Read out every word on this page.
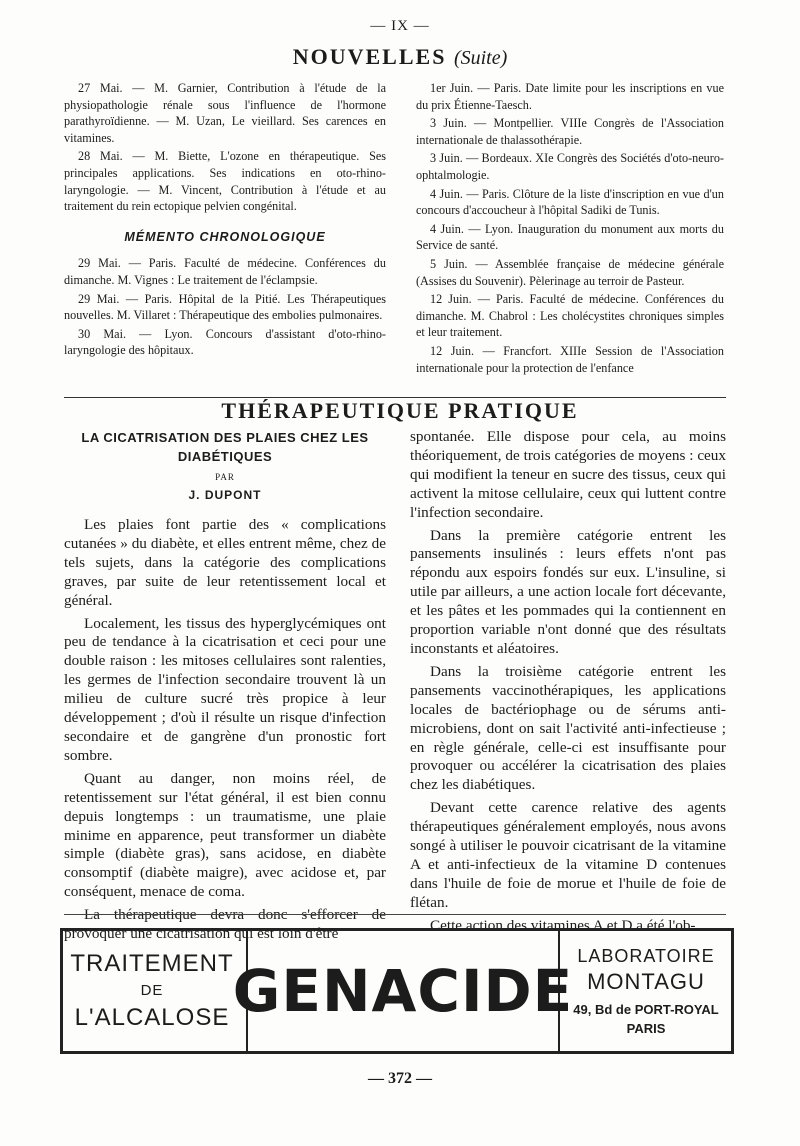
— IX —
NOUVELLES (Suite)

27 Mai. — M. Garnier, Contribution à l'étude de la physiopathologie rénale sous l'influence de l'hormone parathyroïdienne. — M. Uzan, Le vieillard. Ses carences en vitamines.

28 Mai. — M. Biette, L'ozone en thérapeutique. Ses principales applications. Ses indications en oto-rhino-laryngologie. — M. Vincent, Contribution à l'étude et au traitement du rein ectopique pelvien congénital.

MÉMENTO CHRONOLOGIQUE

29 Mai. — Paris. Faculté de médecine. Conférences du dimanche. M. Vignes : Le traitement de l'éclampsie.

29 Mai. — Paris. Hôpital de la Pitié. Les Thérapeutiques nouvelles. M. Villaret : Thérapeutique des embolies pulmonaires.

30 Mai. — Lyon. Concours d'assistant d'oto-rhino-laryngologie des hôpitaux.

1er Juin. — Paris. Date limite pour les inscriptions en vue du prix Étienne-Taesch.

3 Juin. — Montpellier. VIIIe Congrès de l'Association internationale de thalassothérapie.

3 Juin. — Bordeaux. XIe Congrès des Sociétés d'oto-neuro-ophtalmologie.

4 Juin. — Paris. Clôture de la liste d'inscription en vue d'un concours d'accoucheur à l'hôpital Sadiki de Tunis.

4 Juin. — Lyon. Inauguration du monument aux morts du Service de santé.

5 Juin. — Assemblée française de médecine générale (Assises du Souvenir). Pèlerinage au terroir de Pasteur.

12 Juin. — Paris. Faculté de médecine. Conférences du dimanche. M. Chabrol : Les cholécystites chroniques simples et leur traitement.

12 Juin. — Francfort. XIIIe Session de l'Association internationale pour la protection de l'enfance

THÉRAPEUTIQUE PRATIQUE
LA CICATRISATION DES PLAIES CHEZ LES DIABÉTIQUES
PAR
J. DUPONT

Les plaies font partie des « complications cutanées » du diabète, et elles entrent même, chez de tels sujets, dans la catégorie des complications graves, par suite de leur retentissement local et général.

Localement, les tissus des hyperglycémiques ont peu de tendance à la cicatrisation et ceci pour une double raison : les mitoses cellulaires sont ralenties, les germes de l'infection secondaire trouvent là un milieu de culture sucré très propice à leur développement ; d'où il résulte un risque d'infection secondaire et de gangrène d'un pronostic fort sombre.

Quant au danger, non moins réel, de retentissement sur l'état général, il est bien connu depuis longtemps : un traumatisme, une plaie minime en apparence, peut transformer un diabète simple (diabète gras), sans acidose, en diabète consomptif (diabète maigre), avec acidose et, par conséquent, menace de coma.

La thérapeutique devra donc s'efforcer de provoquer une cicatrisation qui est loin d'être

spontanée. Elle dispose pour cela, au moins théoriquement, de trois catégories de moyens : ceux qui modifient la teneur en sucre des tissus, ceux qui activent la mitose cellulaire, ceux qui luttent contre l'infection secondaire.

Dans la première catégorie entrent les pansements insulinés : leurs effets n'ont pas répondu aux espoirs fondés sur eux. L'insuline, si utile par ailleurs, a une action locale fort décevante, et les pâtes et les pommades qui la contiennent en proportion variable n'ont donné que des résultats inconstants et aléatoires.

Dans la troisième catégorie entrent les pansements vaccinothérapiques, les applications locales de bactériophage ou de sérums anti-microbiens, dont on sait l'activité anti-infectieuse ; en règle générale, celle-ci est insuffisante pour provoquer ou accélérer la cicatrisation des plaies chez les diabétiques.

Devant cette carence relative des agents thérapeutiques généralement employés, nous avons songé à utiliser le pouvoir cicatrisant de la vitamine A et anti-infectieux de la vitamine D contenues dans l'huile de foie de morue et l'huile de foie de flétan.

Cette action des vitamines A et D a été l'ob-

TRAITEMENT
DE
L'ALCALOSE GENACIDE
LABORATOIRE
MONTAGU
49, Bd de PORT-ROYAL
PARIS
— 372 —
